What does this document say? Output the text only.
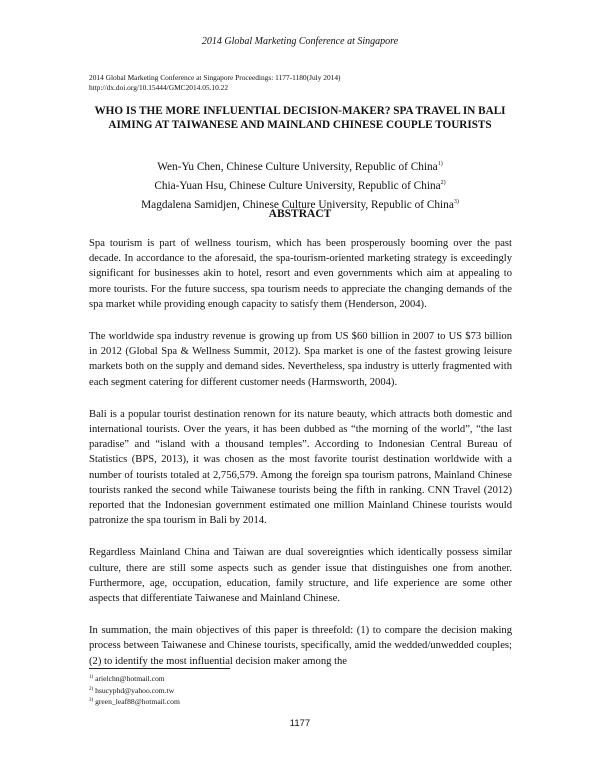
2014 Global Marketing Conference at Singapore
2014 Global Marketing Conference at Singapore Proceedings: 1177-1180(July 2014)
http://dx.doi.org/10.15444/GMC2014.05.10.22
WHO IS THE MORE INFLUENTIAL DECISION-MAKER? SPA TRAVEL IN BALI AIMING AT TAIWANESE AND MAINLAND CHINESE COUPLE TOURISTS
Wen-Yu Chen, Chinese Culture University, Republic of China$^{1)}$
Chia-Yuan Hsu, Chinese Culture University, Republic of China$^{2)}$
Magdalena Samidjen, Chinese Culture University, Republic of China$^{3)}$
ABSTRACT

Spa tourism is part of wellness tourism, which has been prosperously booming over the past decade. In accordance to the aforesaid, the spa-tourism-oriented marketing strategy is exceedingly significant for businesses akin to hotel, resort and even governments which aim at appealing to more tourists. For the future success, spa tourism needs to appreciate the changing demands of the spa market while providing enough capacity to satisfy them (Henderson, 2004).

The worldwide spa industry revenue is growing up from US $60 billion in 2007 to US $73 billion in 2012 (Global Spa & Wellness Summit, 2012). Spa market is one of the fastest growing leisure markets both on the supply and demand sides. Nevertheless, spa industry is utterly fragmented with each segment catering for different customer needs (Harmsworth, 2004).

Bali is a popular tourist destination renown for its nature beauty, which attracts both domestic and international tourists. Over the years, it has been dubbed as “the morning of the world”, “the last paradise” and “island with a thousand temples”. According to Indonesian Central Bureau of Statistics (BPS, 2013), it was chosen as the most favorite tourist destination worldwide with a number of tourists totaled at 2,756,579. Among the foreign spa tourism patrons, Mainland Chinese tourists ranked the second while Taiwanese tourists being the fifth in ranking. CNN Travel (2012) reported that the Indonesian government estimated one million Mainland Chinese tourists would patronize the spa tourism in Bali by 2014.

Regardless Mainland China and Taiwan are dual sovereignties which identically possess similar culture, there are still some aspects such as gender issue that distinguishes one from another. Furthermore, age, occupation, education, family structure, and life experience are some other aspects that differentiate Taiwanese and Mainland Chinese.

In summation, the main objectives of this paper is threefold: (1) to compare the decision making process between Taiwanese and Chinese tourists, specifically, amid the wedded/unwedded couples; (2) to identify the most influential decision maker among the

$^{1)}$ arielchn@hotmail.com
$^{2)}$ hsucyphd@yahoo.com.tw
$^{3)}$ green_leaf88@hotmail.com
1177
